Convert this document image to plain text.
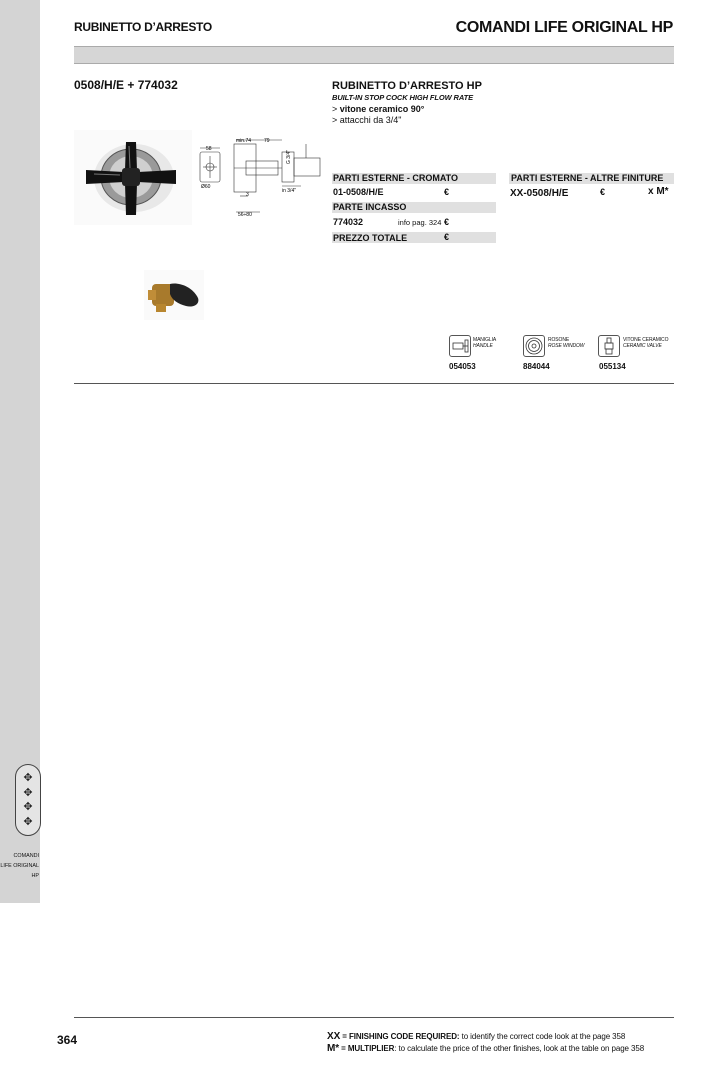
✥
✥
✥
✥
COMANDI
LIFE ORIGINAL
HP
RUBINETTO D’ARRESTO	COMANDI LIFE ORIGINAL HP
0508/H/E + 774032
58
min.74	79
G 3/4"
Ø60
3
in 3/4"
56÷80
RUBINETTO D’ARRESTO HP
BUILT-IN STOP COCK HIGH FLOW RATE
> vitone ceramico 90°
> attacchi da 3/4"
PARTI ESTERNE - CROMATO
01-0508/H/E	€
PARTE INCASSO
774032	info pag. 324 €
PREZZO TOTALE	€
PARTI ESTERNE - ALTRE FINITURE
XX-0508/H/E	€	x M*
MANIGLIA
HANDLE
054053
ROSONE
ROSE WINDOW
884044
VITONE CERAMICO
CERAMIC VALVE
055134
364	XX = FINISHING CODE REQUIRED: to identify the correct code look at the page 358
M* = MULTIPLIER: to calculate the price of the other finishes, look at the table on page 358
